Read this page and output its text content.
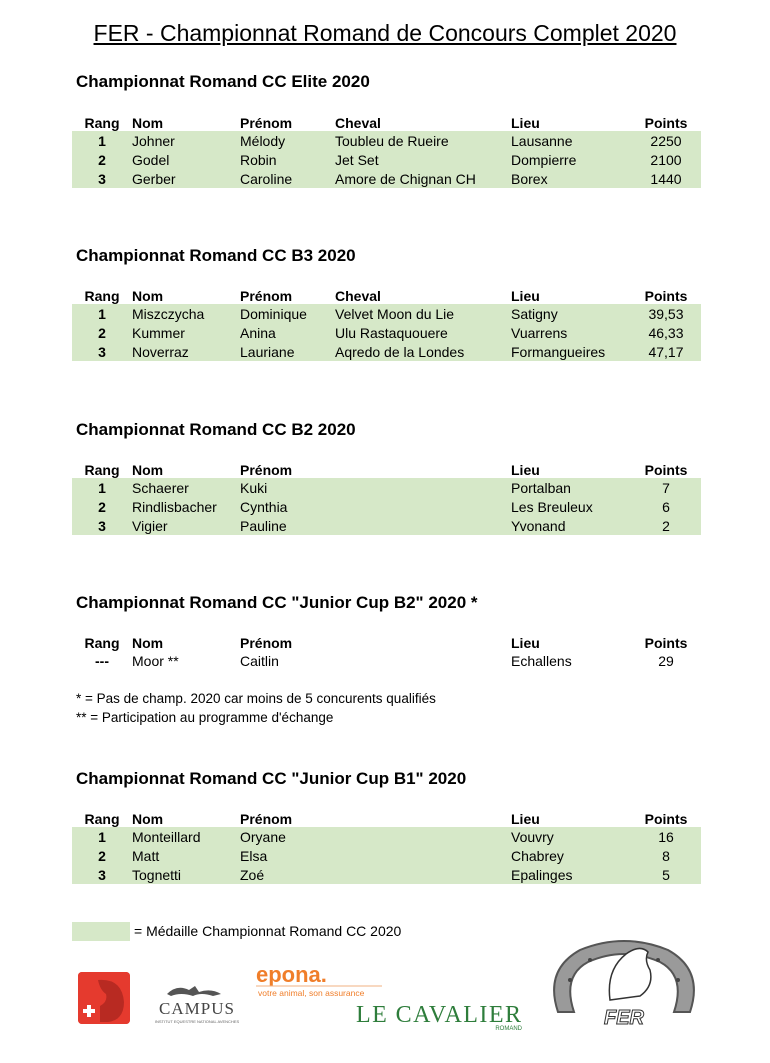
FER - Championnat Romand de Concours Complet 2020
Championnat Romand CC Elite 2020
Rang	Nom	Prénom	Cheval	Lieu	Points
1	Johner	Mélody	Toubleu de Rueire	Lausanne	2250
2	Godel	Robin	Jet Set	Dompierre	2100
3	Gerber	Caroline	Amore de Chignan CH	Borex	1440
Championnat Romand CC B3 2020
Rang	Nom	Prénom	Cheval	Lieu	Points
1	Miszczycha	Dominique	Velvet Moon du Lie	Satigny	39,53
2	Kummer	Anina	Ulu Rastaquouere	Vuarrens	46,33
3	Noverraz	Lauriane	Aqredo de la Londes	Formangueires	47,17
Championnat Romand CC B2 2020
Rang	Nom	Prénom		Lieu	Points
1	Schaerer	Kuki		Portalban	7
2	Rindlisbacher	Cynthia		Les Breuleux	6
3	Vigier	Pauline		Yvonand	2
Championnat Romand CC "Junior Cup B2" 2020 *
Rang	Nom	Prénom		Lieu	Points
---	Moor **	Caitlin		Echallens	29
* = Pas de champ. 2020 car moins de 5 concurents qualifiés
** = Participation au programme d'échange
Championnat Romand CC "Junior Cup B1" 2020
Rang	Nom	Prénom		Lieu	Points
1	Monteillard	Oryane		Vouvry	16
2	Matt	Elsa		Chabrey	8
3	Tognetti	Zoé		Epalinges	5
= Médaille Championnat Romand CC 2020
CAMPUS
INSTITUT EQUESTRE NATIONAL AVENCHES
epona.
votre animal, son assurance
LE CAVALIER
ROMAND	FER
